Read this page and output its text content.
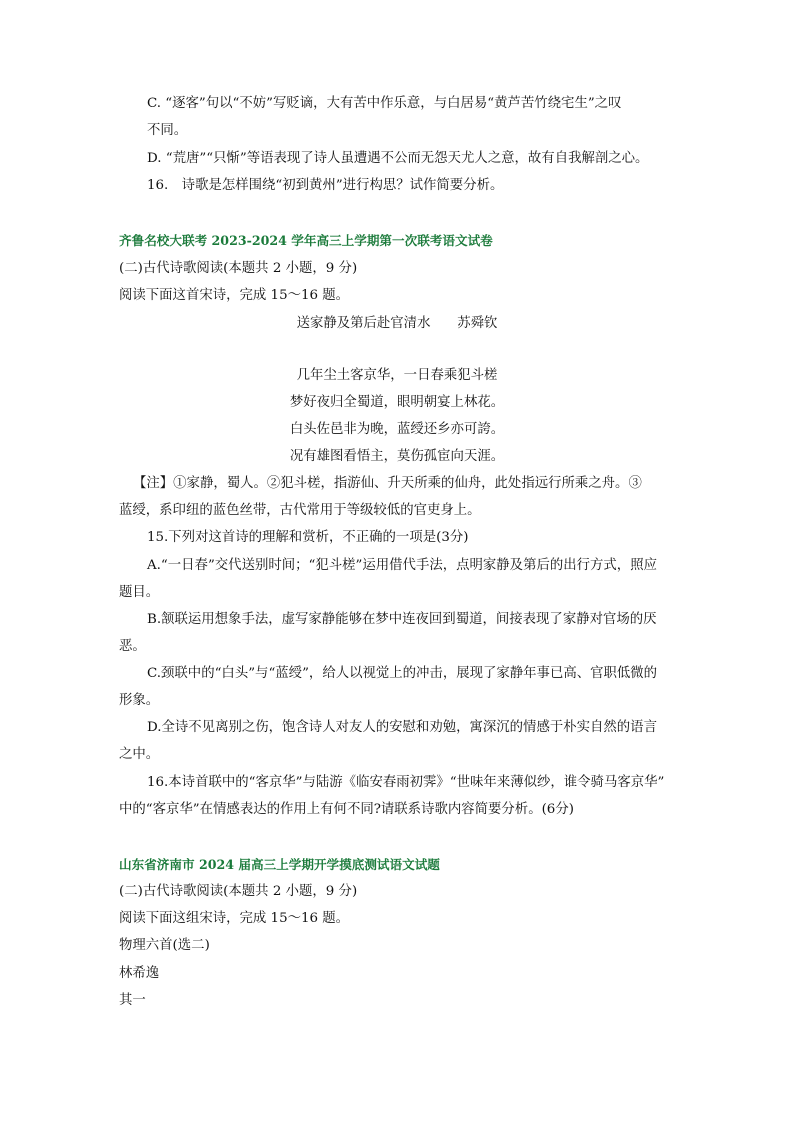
C. “逐客”句以“不妨”写贬谪，大有苦中作乐意，与白居易“黄芦苦竹绕宅生”之叹
不同。
D. “荒唐”“只惭”等语表现了诗人虽遭遇不公而无怨天尤人之意，故有自我解剖之心。
16.　诗歌是怎样围绕“初到黄州”进行构思？试作简要分析。
齐鲁名校大联考 2023-2024 学年高三上学期第一次联考语文试卷
(二)古代诗歌阅读(本题共 2 小题，9 分)
阅读下面这首宋诗，完成 15～16 题。
送家静及第后赴官清水　　苏舜钦
几年尘土客京华，一日春乘犯斗槎
梦好夜归全蜀道，眼明朝宴上林花。
白头佐邑非为晚，蓝绶还乡亦可誇。
况有雄图看悟主，莫伤孤宦向天涯。
【注】①家静，蜀人。②犯斗槎，指游仙、升天所乘的仙舟，此处指远行所乘之舟。③
蓝绶，系印纽的蓝色丝带，古代常用于等级较低的官吏身上。
15.下列对这首诗的理解和赏析，不正确的一项是(3分)
A.“一日春”交代送别时间；“犯斗槎”运用借代手法，点明家静及第后的出行方式，照应
题目。
B.颔联运用想象手法，虚写家静能够在梦中连夜回到蜀道，间接表现了家静对官场的厌
恶。
C.颈联中的“白头”与“蓝绶”，给人以视觉上的冲击，展现了家静年事已高、官职低微的
形象。
D.全诗不见离别之伤，饱含诗人对友人的安慰和劝勉，寓深沉的情感于朴实自然的语言
之中。
16.本诗首联中的“客京华”与陆游《临安春雨初霁》“世味年来薄似纱，谁令骑马客京华”
中的“客京华”在情感表达的作用上有何不同?请联系诗歌内容简要分析。(6分)
山东省济南市 2024 届高三上学期开学摸底测试语文试题
(二)古代诗歌阅读(本题共 2 小题，9 分)
阅读下面这组宋诗，完成 15～16 题。
物理六首(选二)
林希逸
其一
